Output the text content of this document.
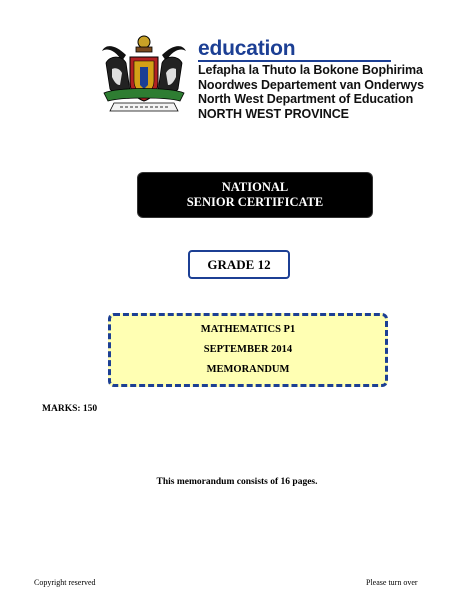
education
Lefapha la Thuto la Bokone Bophirima
Noordwes Departement van Onderwys
North West Department of Education
NORTH WEST PROVINCE
NATIONAL
SENIOR CERTIFICATE
GRADE 12
MATHEMATICS P1
SEPTEMBER 2014
MEMORANDUM
MARKS: 150
This memorandum consists of 16 pages.
Copyright reserved	Please turn over
